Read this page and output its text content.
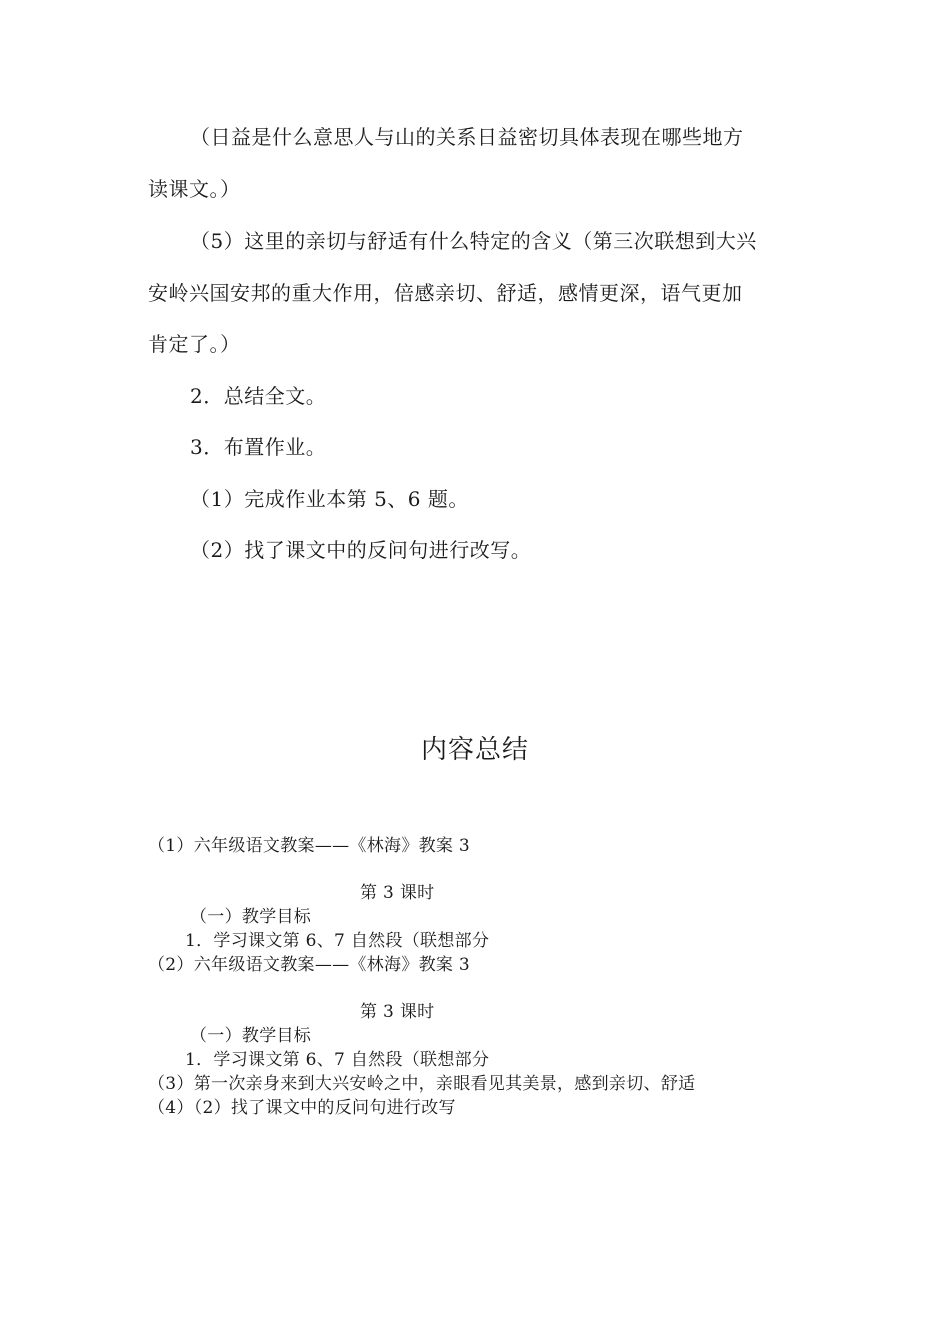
（日益是什么意思人与山的关系日益密切具体表现在哪些地方
读课文。）
（5）这里的亲切与舒适有什么特定的含义（第三次联想到大兴
安岭兴国安邦的重大作用，倍感亲切、舒适，感情更深，语气更加
肯定了。）
2．总结全文。
3．布置作业。
（1）完成作业本第 5、6 题。
（2）找了课文中的反问句进行改写。
内容总结
（1）六年级语文教案——《林海》教案 3
第 3 课时
（一）教学目标
1．学习课文第 6、7 自然段（联想部分
（2）六年级语文教案——《林海》教案 3
第 3 课时
（一）教学目标
1．学习课文第 6、7 自然段（联想部分
（3）第一次亲身来到大兴安岭之中，亲眼看见其美景，感到亲切、舒适
（4）（2）找了课文中的反问句进行改写
